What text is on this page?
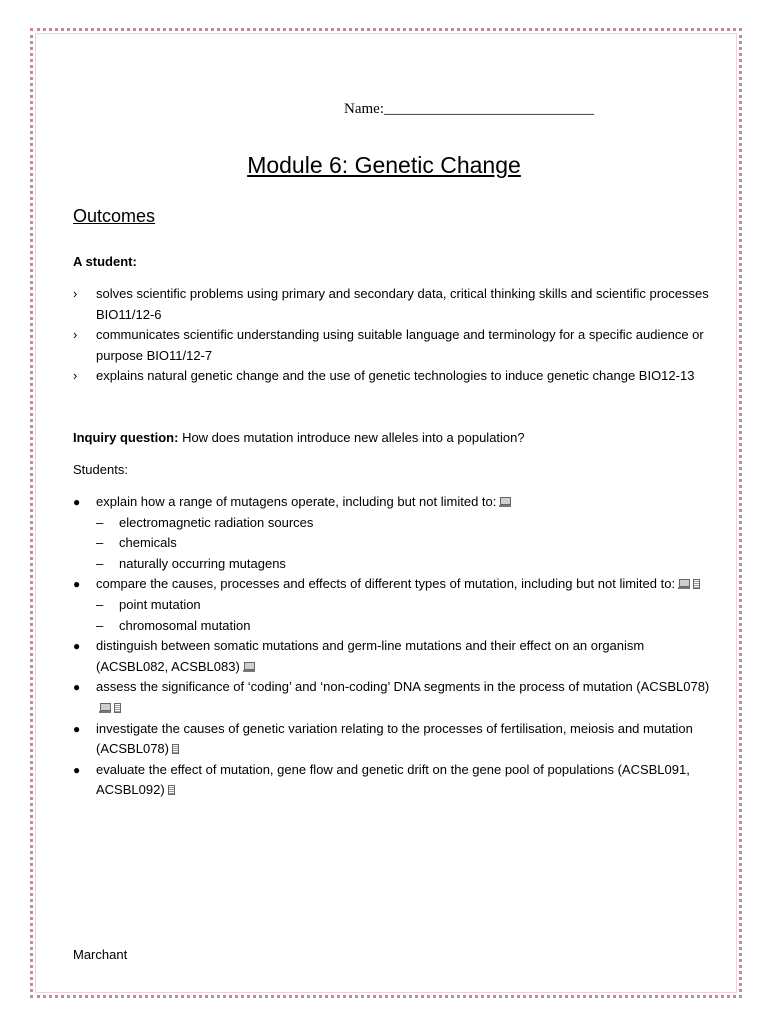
Name:____________________________
Module 6: Genetic Change
Outcomes
A student:
› solves scientific problems using primary and secondary data, critical thinking skills and scientific processes BIO11/12-6
› communicates scientific understanding using suitable language and terminology for a specific audience or purpose BIO11/12-7
› explains natural genetic change and the use of genetic technologies to induce genetic change BIO12-13
Inquiry question: How does mutation introduce new alleles into a population?
Students:
● explain how a range of mutagens operate, including but not limited to:
– electromagnetic radiation sources
– chemicals
– naturally occurring mutagens
● compare the causes, processes and effects of different types of mutation, including but not limited to:
– point mutation
– chromosomal mutation
● distinguish between somatic mutations and germ-line mutations and their effect on an organism   (ACSBL082, ACSBL083)
● assess the significance of ‘coding’ and ‘non-coding’ DNA segments in the process of mutation (ACSBL078)
● investigate the causes of genetic variation relating to the processes of fertilisation, meiosis and mutation (ACSBL078)
● evaluate the effect of mutation, gene flow and genetic drift on the gene pool of populations (ACSBL091, ACSBL092)
Marchant
